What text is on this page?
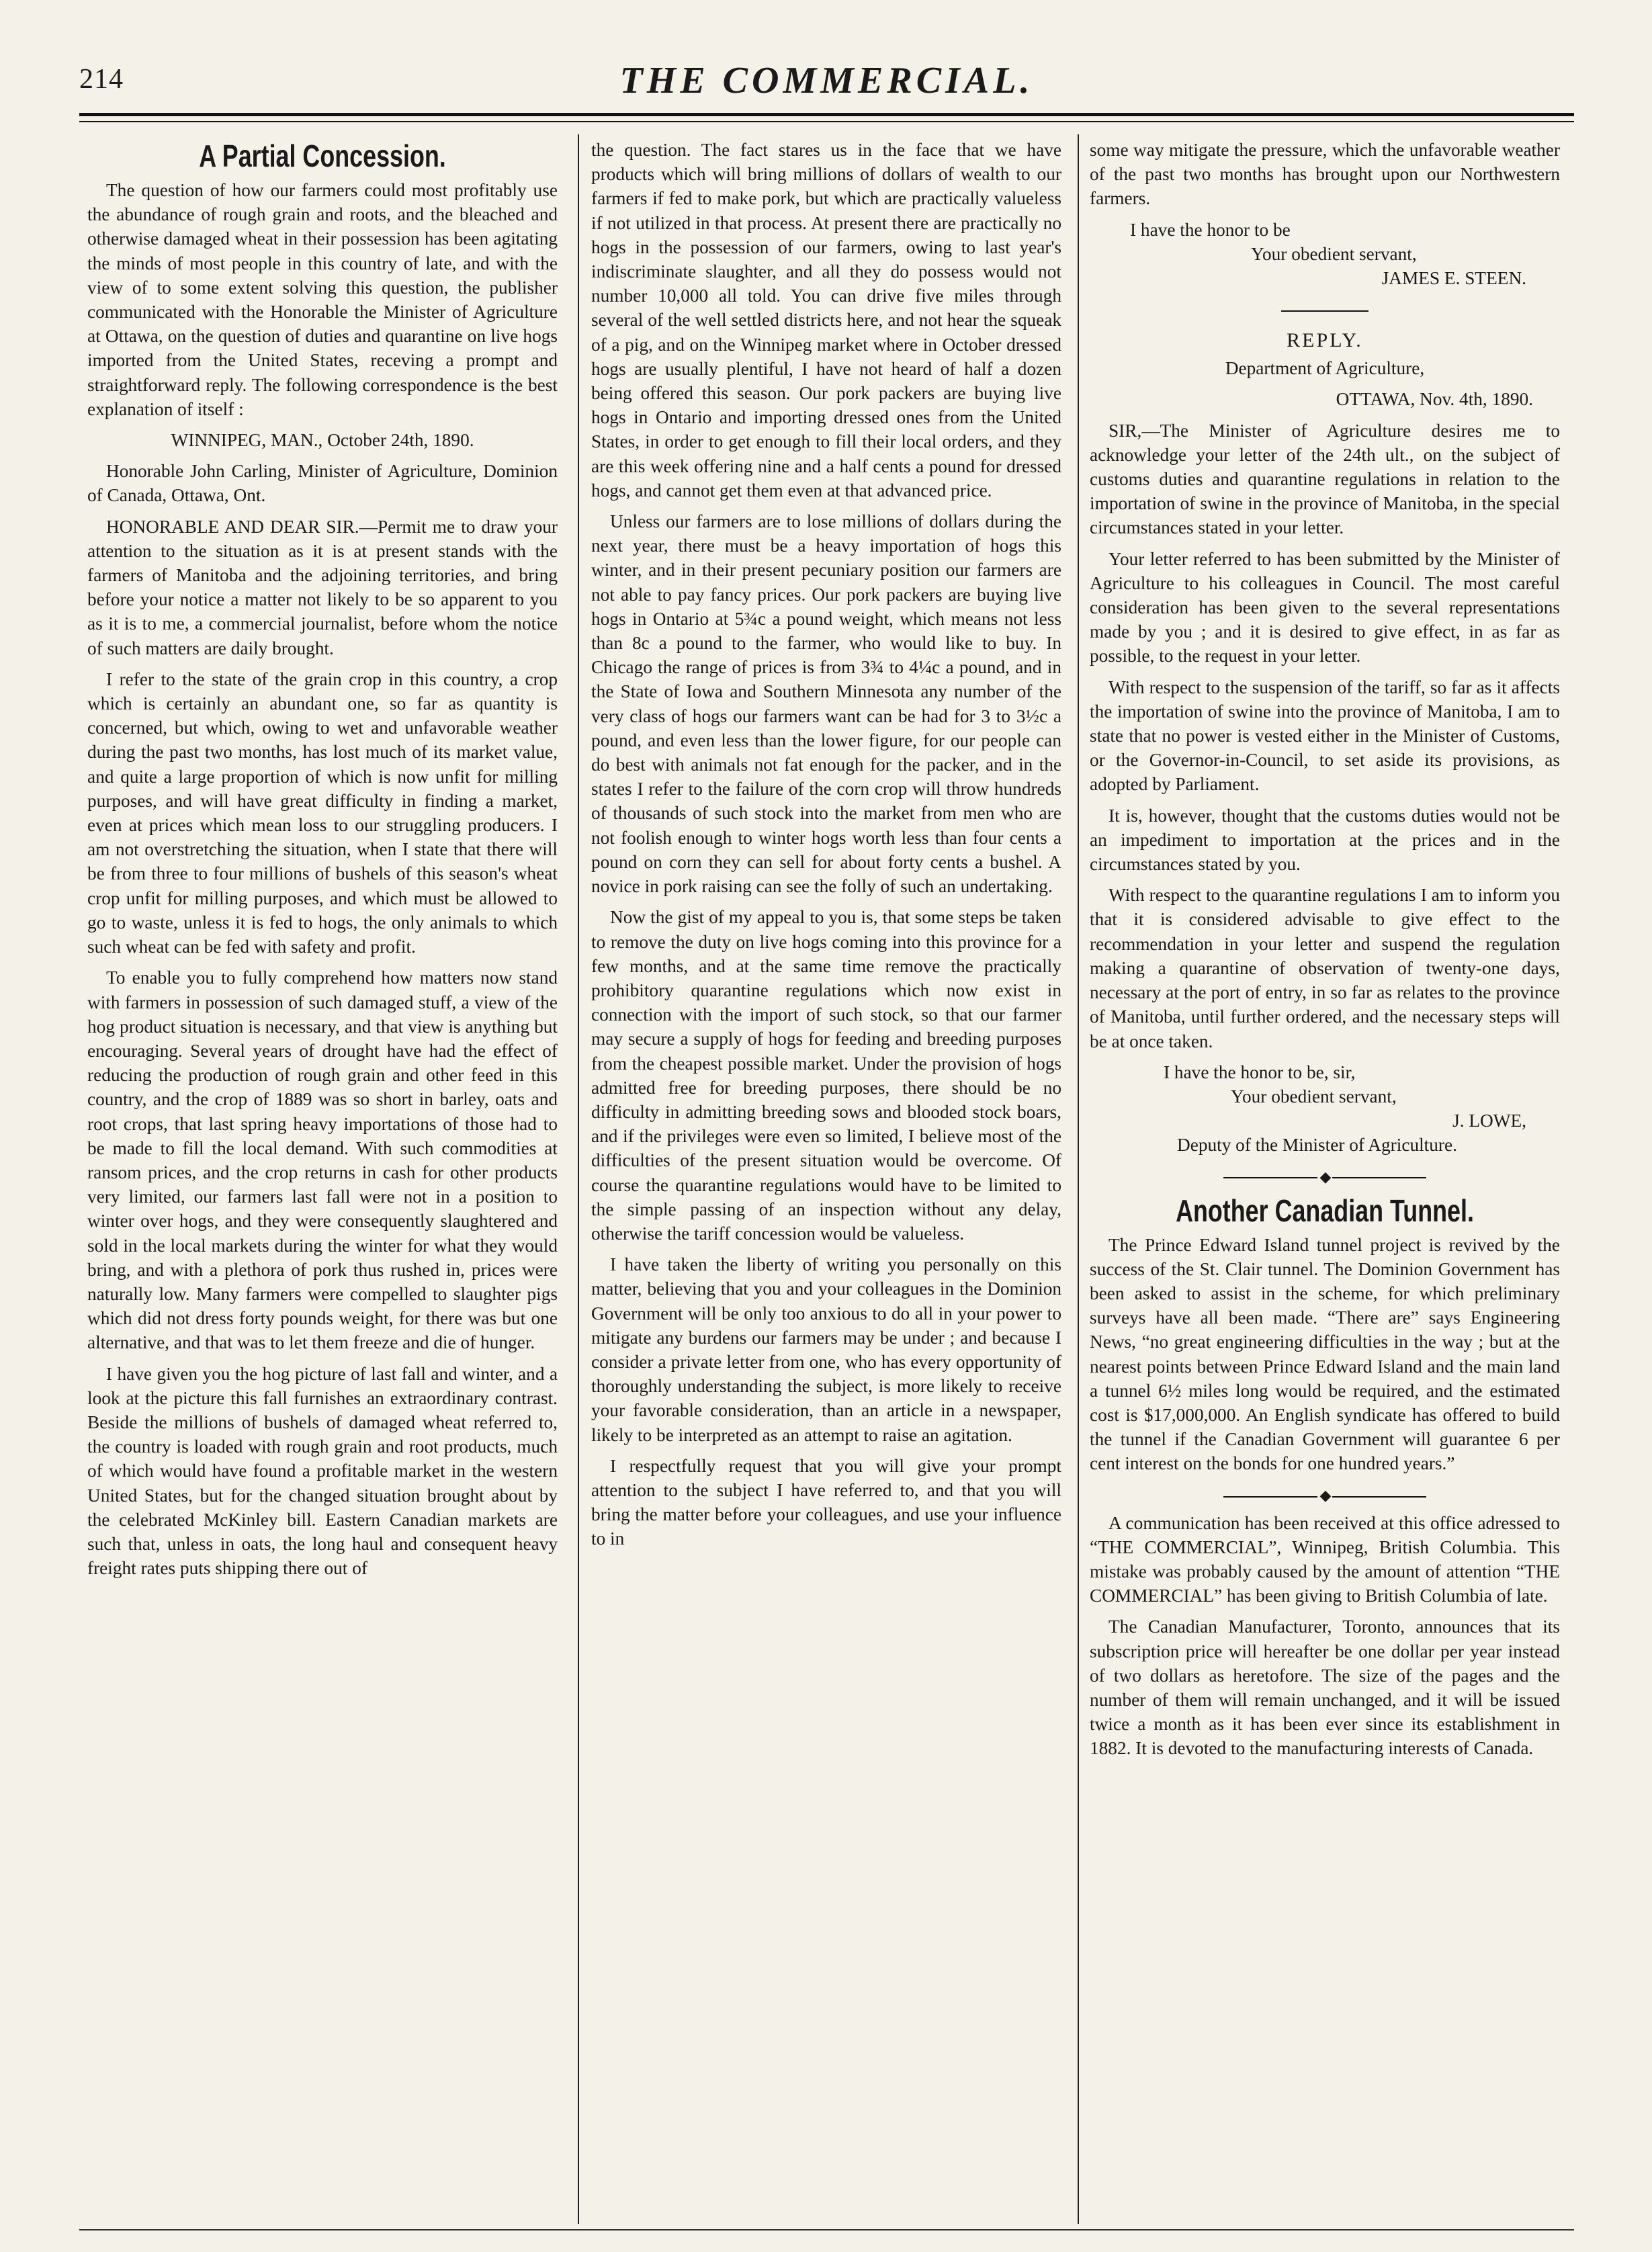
214	THE COMMERCIAL.
A Partial Concession.

The question of how our farmers could most profitably use the abundance of rough grain and roots, and the bleached and otherwise damaged wheat in their possession has been agitating the minds of most people in this country of late, and with the view of to some extent solving this question, the publisher communicated with the Honorable the Minister of Agriculture at Ottawa, on the question of duties and quarantine on live hogs imported from the United States, receving a prompt and straightforward reply. The following correspondence is the best explanation of itself :

WINNIPEG, MAN., October 24th, 1890.

Honorable John Carling, Minister of Agriculture, Dominion of Canada, Ottawa, Ont.

HONORABLE AND DEAR SIR.—Permit me to draw your attention to the situation as it is at present stands with the farmers of Manitoba and the adjoining territories, and bring before your notice a matter not likely to be so apparent to you as it is to me, a commercial journalist, before whom the notice of such matters are daily brought.

I refer to the state of the grain crop in this country, a crop which is certainly an abundant one, so far as quantity is concerned, but which, owing to wet and unfavorable weather during the past two months, has lost much of its market value, and quite a large proportion of which is now unfit for milling purposes, and will have great difficulty in finding a market, even at prices which mean loss to our struggling producers. I am not overstretching the situation, when I state that there will be from three to four millions of bushels of this season's wheat crop unfit for milling purposes, and which must be allowed to go to waste, unless it is fed to hogs, the only animals to which such wheat can be fed with safety and profit.

To enable you to fully comprehend how matters now stand with farmers in possession of such damaged stuff, a view of the hog product situation is necessary, and that view is anything but encouraging. Several years of drought have had the effect of reducing the production of rough grain and other feed in this country, and the crop of 1889 was so short in barley, oats and root crops, that last spring heavy importations of those had to be made to fill the local demand. With such commodities at ransom prices, and the crop returns in cash for other products very limited, our farmers last fall were not in a position to winter over hogs, and they were consequently slaughtered and sold in the local markets during the winter for what they would bring, and with a plethora of pork thus rushed in, prices were naturally low. Many farmers were compelled to slaughter pigs which did not dress forty pounds weight, for there was but one alternative, and that was to let them freeze and die of hunger.

I have given you the hog picture of last fall and winter, and a look at the picture this fall furnishes an extraordinary contrast. Beside the millions of bushels of damaged wheat referred to, the country is loaded with rough grain and root products, much of which would have found a profitable market in the western United States, but for the changed situation brought about by the celebrated McKinley bill. Eastern Canadian markets are such that, unless in oats, the long haul and consequent heavy freight rates puts shipping there out of

the question. The fact stares us in the face that we have products which will bring millions of dollars of wealth to our farmers if fed to make pork, but which are practically valueless if not utilized in that process. At present there are practically no hogs in the possession of our farmers, owing to last year's indiscriminate slaughter, and all they do possess would not number 10,000 all told. You can drive five miles through several of the well settled districts here, and not hear the squeak of a pig, and on the Winnipeg market where in October dressed hogs are usually plentiful, I have not heard of half a dozen being offered this season. Our pork packers are buying live hogs in Ontario and importing dressed ones from the United States, in order to get enough to fill their local orders, and they are this week offering nine and a half cents a pound for dressed hogs, and cannot get them even at that advanced price.

Unless our farmers are to lose millions of dollars during the next year, there must be a heavy importation of hogs this winter, and in their present pecuniary position our farmers are not able to pay fancy prices. Our pork packers are buying live hogs in Ontario at 5¾c a pound weight, which means not less than 8c a pound to the farmer, who would like to buy. In Chicago the range of prices is from 3¾ to 4¼c a pound, and in the State of Iowa and Southern Minnesota any number of the very class of hogs our farmers want can be had for 3 to 3½c a pound, and even less than the lower figure, for our people can do best with animals not fat enough for the packer, and in the states I refer to the failure of the corn crop will throw hundreds of thousands of such stock into the market from men who are not foolish enough to winter hogs worth less than four cents a pound on corn they can sell for about forty cents a bushel. A novice in pork raising can see the folly of such an undertaking.

Now the gist of my appeal to you is, that some steps be taken to remove the duty on live hogs coming into this province for a few months, and at the same time remove the practically prohibitory quarantine regulations which now exist in connection with the import of such stock, so that our farmer may secure a supply of hogs for feeding and breeding purposes from the cheapest possible market. Under the provision of hogs admitted free for breeding purposes, there should be no difficulty in admitting breeding sows and blooded stock boars, and if the privileges were even so limited, I believe most of the difficulties of the present situation would be overcome. Of course the quarantine regulations would have to be limited to the simple passing of an inspection without any delay, otherwise the tariff concession would be valueless.

I have taken the liberty of writing you personally on this matter, believing that you and your colleagues in the Dominion Government will be only too anxious to do all in your power to mitigate any burdens our farmers may be under ; and because I consider a private letter from one, who has every opportunity of thoroughly understanding the subject, is more likely to receive your favorable consideration, than an article in a newspaper, likely to be interpreted as an attempt to raise an agitation.

I respectfully request that you will give your prompt attention to the subject I have referred to, and that you will bring the matter before your colleagues, and use your influence to in

some way mitigate the pressure, which the unfavorable weather of the past two months has brought upon our Northwestern farmers.

I have the honor to be

Your obedient servant,

JAMES E. STEEN.

REPLY.

Department of Agriculture,

OTTAWA, Nov. 4th, 1890.

SIR,—The Minister of Agriculture desires me to acknowledge your letter of the 24th ult., on the subject of customs duties and quarantine regulations in relation to the importation of swine in the province of Manitoba, in the special circumstances stated in your letter.

Your letter referred to has been submitted by the Minister of Agriculture to his colleagues in Council. The most careful consideration has been given to the several representations made by you ; and it is desired to give effect, in as far as possible, to the request in your letter.

With respect to the suspension of the tariff, so far as it affects the importation of swine into the province of Manitoba, I am to state that no power is vested either in the Minister of Customs, or the Governor-in-Council, to set aside its provisions, as adopted by Parliament.

It is, however, thought that the customs duties would not be an impediment to importation at the prices and in the circumstances stated by you.

With respect to the quarantine regulations I am to inform you that it is considered advisable to give effect to the recommendation in your letter and suspend the regulation making a quarantine of observation of twenty-one days, necessary at the port of entry, in so far as relates to the province of Manitoba, until further ordered, and the necessary steps will be at once taken.

I have the honor to be, sir,

Your obedient servant,

J. LOWE,

Deputy of the Minister of Agriculture.

◆
Another Canadian Tunnel.

The Prince Edward Island tunnel project is revived by the success of the St. Clair tunnel. The Dominion Government has been asked to assist in the scheme, for which preliminary surveys have all been made. “There are” says Engineering News, “no great engineering difficulties in the way ; but at the nearest points between Prince Edward Island and the main land a tunnel 6½ miles long would be required, and the estimated cost is $17,000,000. An English syndicate has offered to build the tunnel if the Canadian Government will guarantee 6 per cent interest on the bonds for one hundred years.”

◆

A communication has been received at this office adressed to “THE COMMERCIAL”, Winnipeg, British Columbia. This mistake was probably caused by the amount of attention “THE COMMERCIAL” has been giving to British Columbia of late.

The Canadian Manufacturer, Toronto, announces that its subscription price will hereafter be one dollar per year instead of two dollars as heretofore. The size of the pages and the number of them will remain unchanged, and it will be issued twice a month as it has been ever since its establishment in 1882. It is devoted to the manufacturing interests of Canada.
